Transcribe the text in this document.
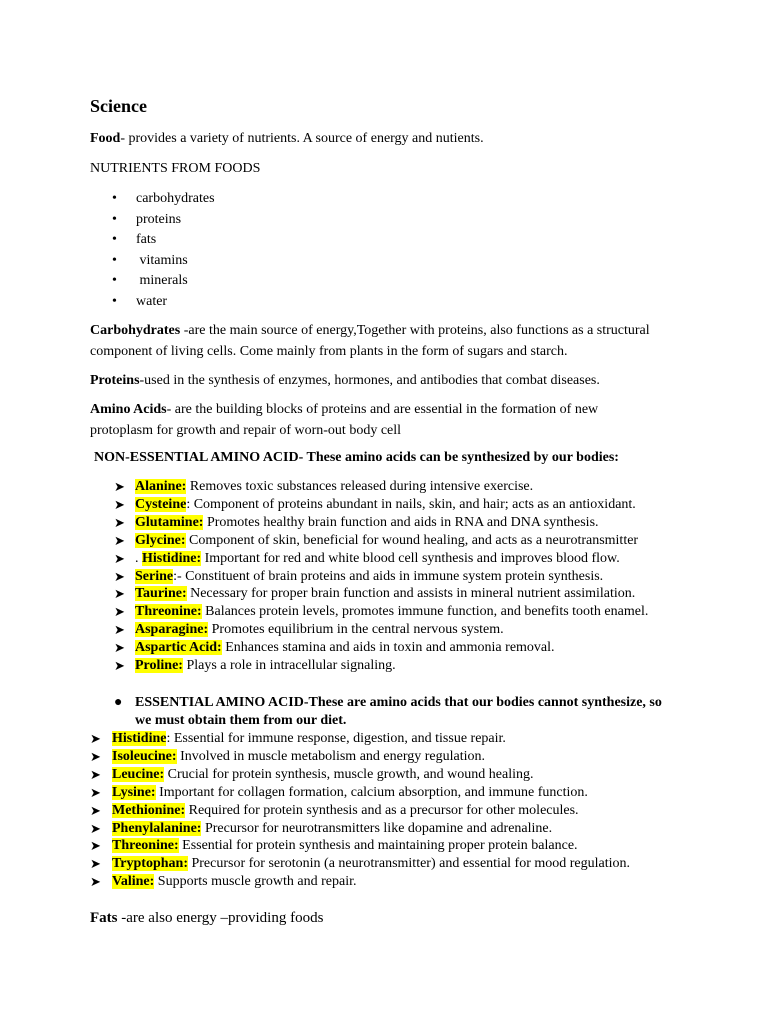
Science

Food- provides a variety of nutrients. A source of energy and nutients.

NUTRIENTS FROM FOODS

• carbohydrates
• proteins
• fats
•  vitamins
•  minerals
• water

Carbohydrates -are the main source of energy,Together with proteins, also functions as a structural component of living cells. Come mainly from plants in the form of sugars and starch.

Proteins-used in the synthesis of enzymes, hormones, and antibodies that combat diseases.

Amino Acids- are the building blocks of proteins and are essential in the formation of new protoplasm for growth and repair of worn-out body cell

NON-ESSENTIAL AMINO ACID- These amino acids can be synthesized by our bodies:

➤ Alanine: Removes toxic substances released during intensive exercise.
➤ Cysteine: Component of proteins abundant in nails, skin, and hair; acts as an antioxidant.
➤ Glutamine: Promotes healthy brain function and aids in RNA and DNA synthesis.
➤ Glycine: Component of skin, beneficial for wound healing, and acts as a neurotransmitter
➤ . Histidine: Important for red and white blood cell synthesis and improves blood flow.
➤ Serine:- Constituent of brain proteins and aids in immune system protein synthesis.
➤ Taurine: Necessary for proper brain function and assists in mineral nutrient assimilation.
➤ Threonine: Balances protein levels, promotes immune function, and benefits tooth enamel.
➤ Asparagine: Promotes equilibrium in the central nervous system.
➤ Aspartic Acid: Enhances stamina and aids in toxin and ammonia removal.
➤ Proline: Plays a role in intracellular signaling.
● ESSENTIAL AMINO ACID-These are amino acids that our bodies cannot synthesize, so we must obtain them from our diet.
➤ Histidine: Essential for immune response, digestion, and tissue repair.
➤ Isoleucine: Involved in muscle metabolism and energy regulation.
➤ Leucine: Crucial for protein synthesis, muscle growth, and wound healing.
➤ Lysine: Important for collagen formation, calcium absorption, and immune function.
➤ Methionine: Required for protein synthesis and as a precursor for other molecules.
➤ Phenylalanine: Precursor for neurotransmitters like dopamine and adrenaline.
➤ Threonine: Essential for protein synthesis and maintaining proper protein balance.
➤ Tryptophan: Precursor for serotonin (a neurotransmitter) and essential for mood regulation.
➤ Valine: Supports muscle growth and repair.

Fats -are also energy –providing foods
